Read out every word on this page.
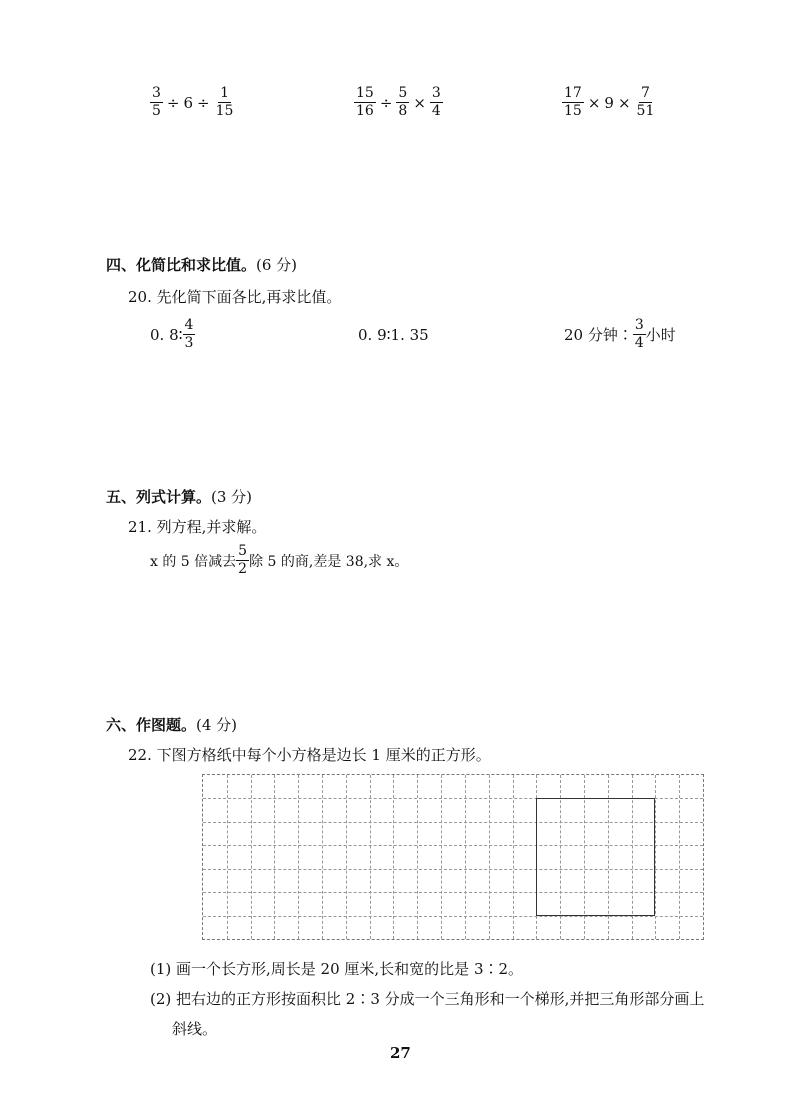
$\frac{3}{5} \div 6 \div \frac{1}{15}$	$\frac{15}{16} \div \frac{5}{8} \times \frac{3}{4}$	$\frac{17}{15} \times 9 \times \frac{7}{51}$
四、化简比和求比值。(6 分)
20. 先化简下面各比,再求比值。
0. 8∶ $\frac{4}{3}$	0. 9∶1. 35	20 分钟∶ $\frac{3}{4}$ 小时
五、列式计算。(3 分)
21. 列方程,并求解。
x 的 5 倍减去 $\frac{5}{2}$ 除 5 的商,差是 38,求 x。
六、作图题。(4 分)
22. 下图方格纸中每个小方格是边长 1 厘米的正方形。
(1) 画一个长方形,周长是 20 厘米,长和宽的比是 3∶2。
(2) 把右边的正方形按面积比 2∶3 分成一个三角形和一个梯形,并把三角形部分画上
斜线。
27
